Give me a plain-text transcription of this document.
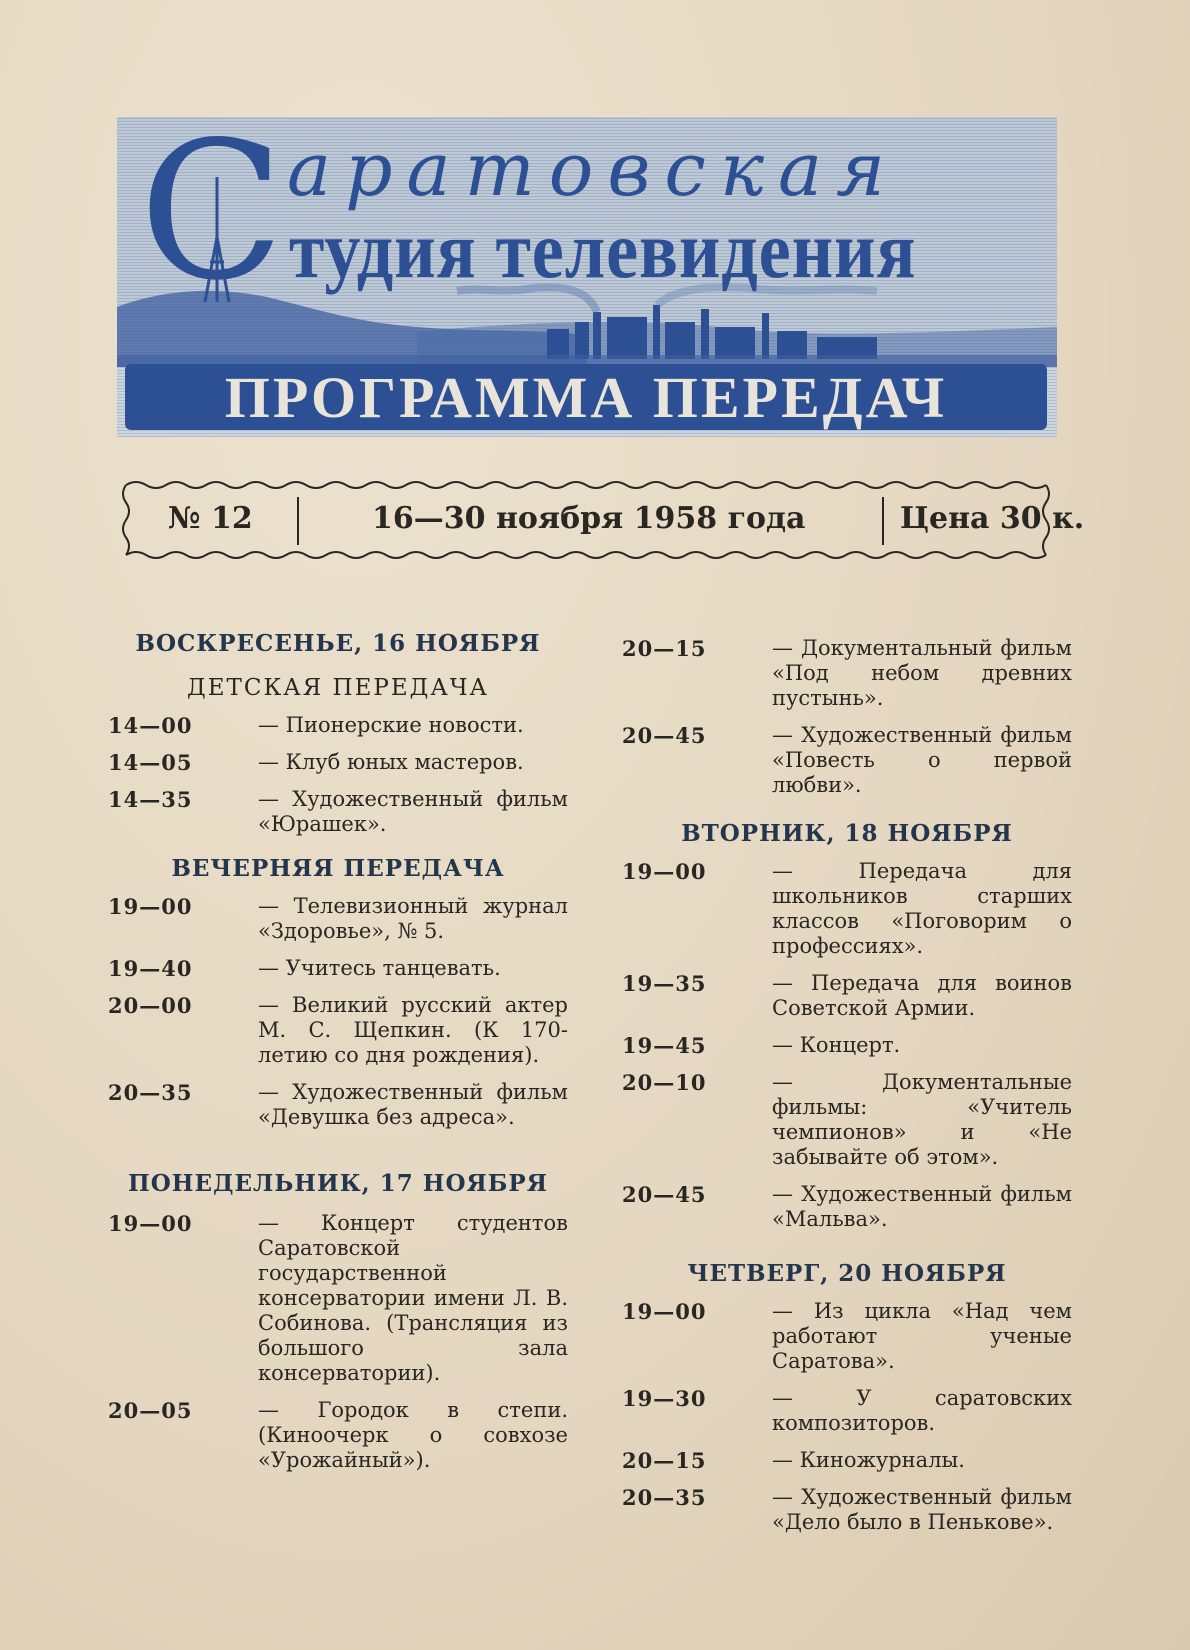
С аратовская
тудия телевидения
ПРОГРАММА ПЕРЕДАЧ
№ 12	16—30 ноября 1958 года	Цена 30 к.

ВОСКРЕСЕНЬЕ, 16 НОЯБРЯ

ДЕТСКАЯ ПЕРЕДАЧА

14—00	— Пионерские новости.
14—05	— Клуб юных мастеров.
14—35	— Художественный фильм «Юрашек».

ВЕЧЕРНЯЯ ПЕРЕДАЧА

19—00	— Телевизионный журнал «Здоровье», № 5.
19—40	— Учитесь танцевать.
20—00	— Великий русский актер М. С. Щепкин. (К 170-летию со дня рождения).
20—35	— Художественный фильм «Девушка без адреса».

ПОНЕДЕЛЬНИК, 17 НОЯБРЯ

19—00	— Концерт студентов Саратовской государственной консерватории имени Л. В. Собинова. (Трансляция из большого зала консерватории).
20—05	— Городок в степи. (Киноочерк о совхозе «Урожайный»).
20—15	— Документальный фильм «Под небом древних пустынь».
20—45	— Художественный фильм «Повесть о первой любви».

ВТОРНИК, 18 НОЯБРЯ

19—00	— Передача для школьников старших классов «Поговорим о профессиях».
19—35	— Передача для воинов Советской Армии.
19—45	— Концерт.
20—10	— Документальные фильмы: «Учитель чемпионов» и «Не забывайте об этом».
20—45	— Художественный фильм «Мальва».

ЧЕТВЕРГ, 20 НОЯБРЯ

19—00	— Из цикла «Над чем работают ученые Саратова».
19—30	— У саратовских композиторов.
20—15	— Киножурналы.
20—35	— Художественный фильм «Дело было в Пенькове».
